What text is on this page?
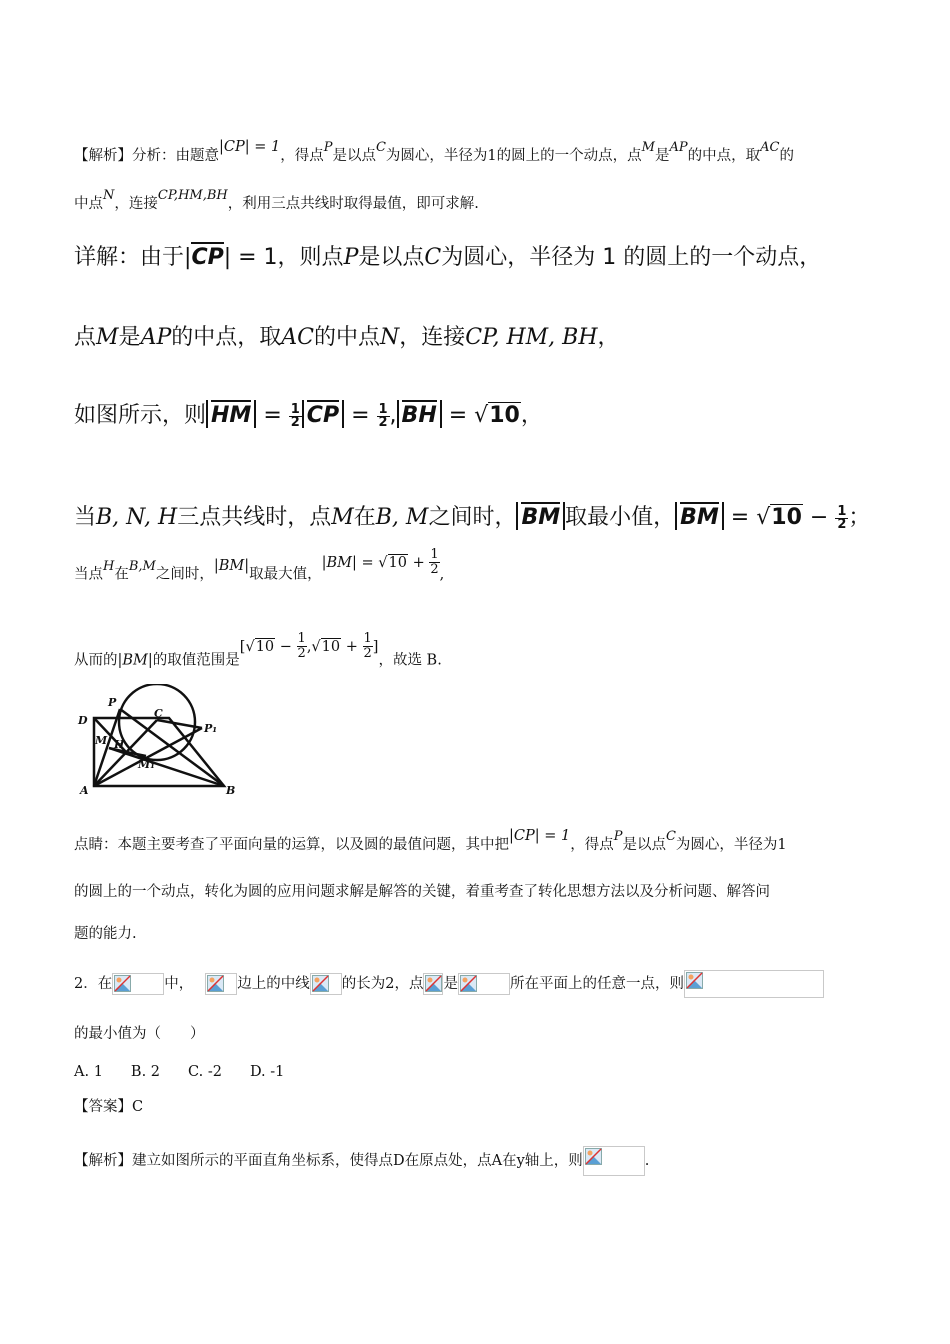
【解析】分析：由题意|CP| = 1，得点P是以点C为圆心，半径为1的圆上的一个动点，点M是AP的中点，取AC的
中点N，连接CP,HM,BH，利用三点共线时取得最值，即可求解.
详解：由于|CP| = 1，则点P是以点C为圆心，半径为 1 的圆上的一个动点，
点M是AP的中点，取AC的中点N，连接CP, HM, BH，
如图所示，则 HM = $\frac{1}{2}$ CP = $\frac{1}{2}$, BH = √10，
当B, N, H三点共线时，点M在B, M之间时， BM 取最小值， BM = $√10 - \frac{1}{2}$；
当点H在B,M之间时，|BM|取最大值，$|BM| = √10 + \frac{1}{2}$ ,
从而的|BM|的取值范围是[$√10 - \frac{1}{2} ,√10 + \frac{1}{2}$ ]，故选 B.
D
P
C
P₁
M H
M₁
A	B
点睛：本题主要考查了平面向量的运算，以及圆的最值问题，其中把|CP| = 1，得点P是以点C为圆心，半径为1
的圆上的一个动点，转化为圆的应用问题求解是解答的关键，着重考查了转化思想方法以及分析问题、解答问
题的能力.
2．在	中，	边上的中线 的长为2，点 是	所在平面上的任意一点，则
的最小值为（　　）
A. 1 B. 2 C. -2 D. -1
【答案】C
【解析】建立如图所示的平面直角坐标系，使得点D在原点处，点A在y轴上，则	.
